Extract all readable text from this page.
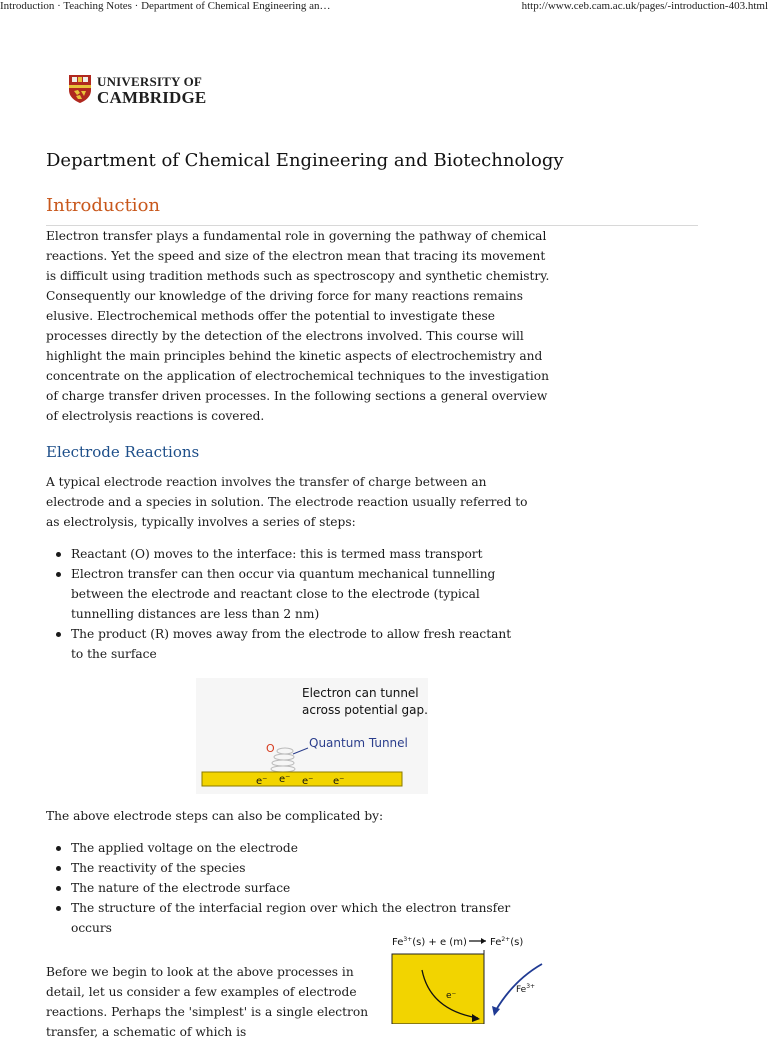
Introduction · Teaching Notes · Department of Chemical Engineering an…	http://www.ceb.cam.ac.uk/pages/-introduction-403.html
UNIVERSITY OF
CAMBRIDGE
Department of Chemical Engineering and Biotechnology
Introduction

Electron transfer plays a fundamental role in governing the pathway of chemical reactions. Yet the speed and size of the electron mean that tracing its movement is difficult using tradition methods such as spectroscopy and synthetic chemistry. Consequently our knowledge of the driving force for many reactions remains elusive. Electrochemical methods offer the potential to investigate these processes directly by the detection of the electrons involved. This course will highlight the main principles behind the kinetic aspects of electrochemistry and concentrate on the application of electrochemical techniques to the investigation of charge transfer driven processes. In the following sections a general overview of electrolysis reactions is covered.

Electrode Reactions

A typical electrode reaction involves the transfer of charge between an electrode and a species in solution. The electrode reaction usually referred to as electrolysis, typically involves a series of steps:

Reactant (O) moves to the interface: this is termed mass transport
Electron transfer can then occur via quantum mechanical tunnelling between the electrode and reactant close to the electrode (typical tunnelling distances are less than 2 nm)
The product (R) moves away from the electrode to allow fresh reactant to the surface
Electron can tunnel
across potential gap.
Quantum Tunnel
O
e⁻ e⁻ e⁻ e⁻

The above electrode steps can also be complicated by:

The applied voltage on the electrode
The reactivity of the species
The nature of the electrode surface
The structure of the interfacial region over which the electron transfer occurs

Before we begin to look at the above processes in detail, let us consider a few examples of electrode reactions. Perhaps the 'simplest' is a single electron transfer, a schematic of which is

$Fe^{3+}(s) + e$ (m) $Fe^{2+}(s)$
e⁻
$Fe^{3+}$
